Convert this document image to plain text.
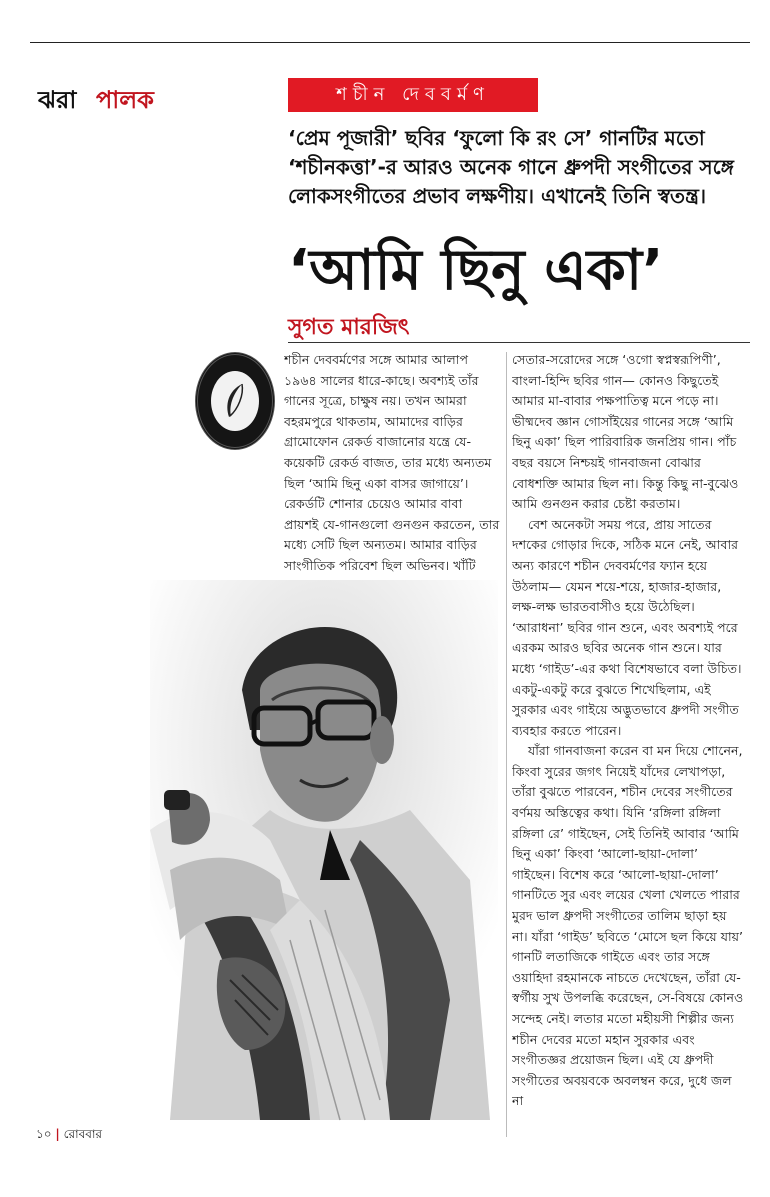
ঝরা পালক	শচীন দেববর্মণ
‘প্রেম পূজারী’ ছবির ‘ফুলো কি রং সে’ গানটির মতো ‘শচীনকত্তা’-র আরও অনেক গানে ধ্রুপদী সংগীতের সঙ্গে লোকসংগীতের প্রভাব লক্ষণীয়। এখানেই তিনি স্বতন্ত্র।
‘আমি ছিনু একা’
সুগত মারজিৎ

শচীন দেববর্মণের সঙ্গে আমার আলাপ ১৯৬৪ সালের ধারে-কাছে। অবশ্যই তাঁর গানের সূত্রে, চাক্ষুষ নয়। তখন আমরা বহরমপুরে থাকতাম, আমাদের বাড়ির গ্রামোফোন রেকর্ড বাজানোর যন্ত্রে যে-কয়েকটি রেকর্ড বাজত, তার মধ্যে অন্যতম ছিল ‘আমি ছিনু একা বাসর জাগায়ে’। রেকর্ডটি শোনার চেয়েও আমার বাবা প্রায়শই যে-গানগুলো গুনগুন করতেন, তার মধ্যে সেটি ছিল অন্যতম। আমার বাড়ির সাংগীতিক পরিবেশ ছিল অভিনব। খাঁটি

সেতার-সরোদের সঙ্গে ‘ওগো স্বপ্নস্বরূপিণী’, বাংলা-হিন্দি ছবির গান— কোনও কিছুতেই আমার মা-বাবার পক্ষপাতিত্ব মনে পড়ে না। ভীষ্মদেব জ্ঞান গোসাঁইয়ের গানের সঙ্গে ‘আমি ছিনু একা’ ছিল পারিবারিক জনপ্রিয় গান। পাঁচ বছর বয়সে নিশ্চয়ই গানবাজনা বোঝার বোধশক্তি আমার ছিল না। কিন্তু কিছু না-বুঝেও আমি গুনগুন করার চেষ্টা করতাম।

বেশ অনেকটা সময় পরে, প্রায় সাতের দশকের গোড়ার দিকে, সঠিক মনে নেই, আবার অন্য কারণে শচীন দেববর্মণের ফ্যান হয়ে উঠলাম— যেমন শয়ে-শয়ে, হাজার-হাজার, লক্ষ-লক্ষ ভারতবাসীও হয়ে উঠেছিল। ‘আরাধনা’ ছবির গান শুনে, এবং অবশ্যই পরে এরকম আরও ছবির অনেক গান শুনে। যার মধ্যে ‘গাইড’-এর কথা বিশেষভাবে বলা উচিত। একটু-একটু করে বুঝতে শিখেছিলাম, এই সুরকার এবং গাইয়ে অদ্ভুতভাবে ধ্রুপদী সংগীত ব্যবহার করতে পারেন।

যাঁরা গানবাজনা করেন বা মন দিয়ে শোনেন, কিংবা সুরের জগৎ নিয়েই যাঁদের লেখাপড়া, তাঁরা বুঝতে পারবেন, শচীন দেবের সংগীতের বর্ণময় অস্তিত্বের কথা। যিনি ‘রঙ্গিলা রঙ্গিলা রঙ্গিলা রে’ গাইছেন, সেই তিনিই আবার ‘আমি ছিনু একা’ কিংবা ‘আলো-ছায়া-দোলা’ গাইছেন। বিশেষ করে ‘আলো-ছায়া-দোলা’ গানটিতে সুর এবং লয়ের খেলা খেলতে পারার মুরদ ভাল ধ্রুপদী সংগীতের তালিম ছাড়া হয় না। যাঁরা ‘গাইড’ ছবিতে ‘মোসে ছল কিয়ে যায়’ গানটি লতাজিকে গাইতে এবং তার সঙ্গে ওয়াহিদা রহমানকে নাচতে দেখেছেন, তাঁরা যে-স্বর্গীয় সুখ উপলব্ধি করেছেন, সে-বিষয়ে কোনও সন্দেহ নেই। লতার মতো মহীয়সী শিল্পীর জন্য শচীন দেবের মতো মহান সুরকার এবং সংগীতজ্ঞর প্রয়োজন ছিল। এই যে ধ্রুপদী সংগীতের অবয়বকে অবলম্বন করে, দুধে জল না

১০ | রোববার
